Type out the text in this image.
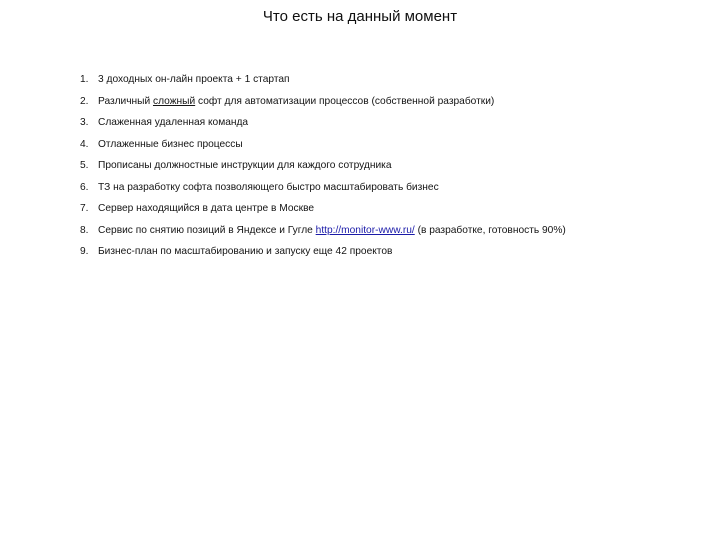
Что есть на данный момент
1. 3 доходных он-лайн проекта + 1 стартап
2. Различный сложный софт для автоматизации процессов (собственной разработки)
3. Слаженная удаленная команда
4. Отлаженные бизнес процессы
5. Прописаны должностные инструкции для каждого сотрудника
6. ТЗ на разработку софта позволяющего быстро масштабировать бизнес
7. Сервер находящийся в дата центре в Москве
8. Сервис по снятию позиций в Яндексе и Гугле http://monitor-www.ru/ (в разработке, готовность 90%)
9. Бизнес-план по масштабированию и запуску еще 42 проектов
